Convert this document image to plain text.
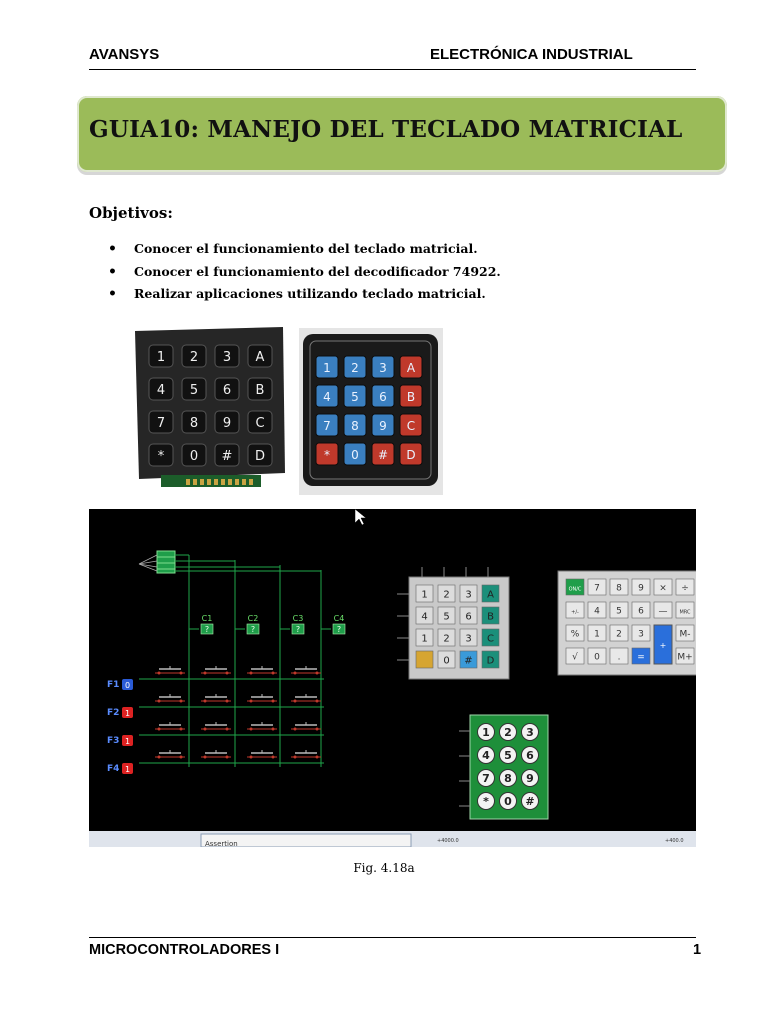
AVANSYS	ELECTRÓNICA INDUSTRIAL
GUIA10: MANEJO DEL TECLADO MATRICIAL
Objetivos:
• Conocer el funcionamiento del teclado matricial.
• Conocer el funcionamiento del decodificador 74922.
• Realizar aplicaciones utilizando teclado matricial.
1 2 3 A
4 5 6 B
7 8 9 C
* 0 # D
1 2 3 A
4 5 6 B
7 8 9 C
* 0 # D
C1
?
C2
?
C3
?
C4
?
F1 0
F2 1
F3 1
F4 1
1 2 3 A
4 5 6 B
1 2 3 C
0 # D
ON/C 7 8 9 × ÷
+/- 4 5 6 — MRC
% 1 2 3
+
M-
√ 0 . =	M+
1 2 3
4 5 6
7 8 9
* 0 #
Assertion	+4000.0	+400.0
Fig. 4.18a
MICROCONTROLADORES I	1
